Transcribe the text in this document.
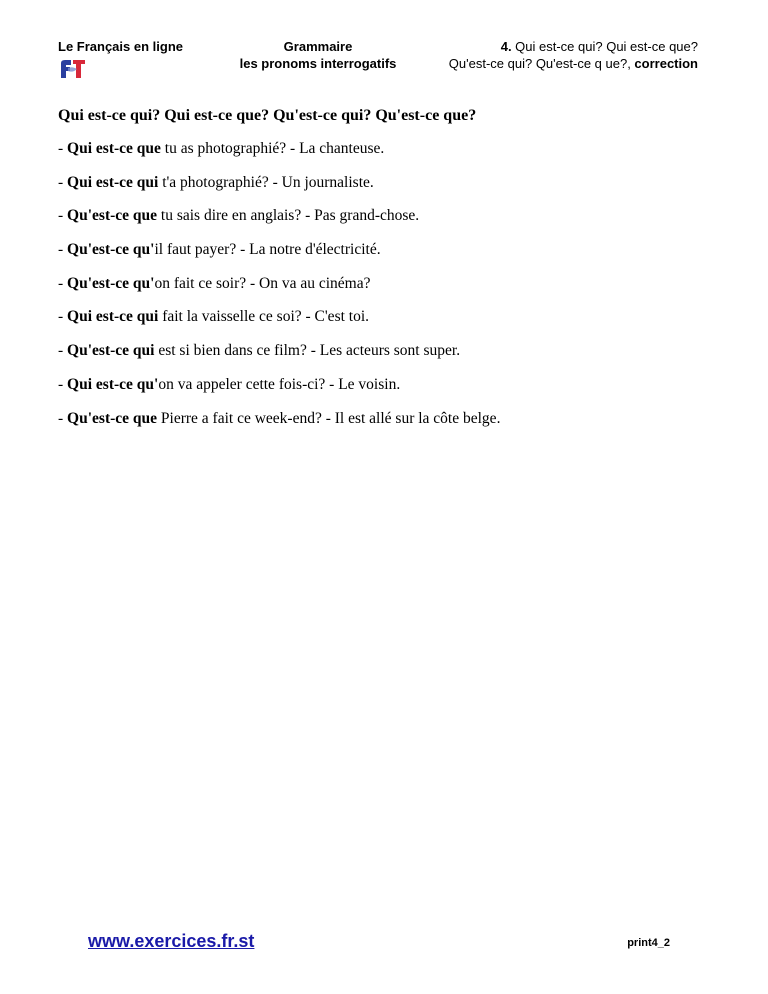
Le Français en ligne	Grammaire
les pronoms interrogatifs
4. Qui est-ce qui? Qui est-ce que?
Qu'est-ce qui? Qu'est-ce q ue?, correction
Qui est-ce qui? Qui est-ce que? Qu'est-ce qui? Qu'est-ce que?
- Qui est-ce que tu as photographié? - La chanteuse.
- Qui est-ce qui t'a photographié? - Un journaliste.
- Qu'est-ce que tu sais dire en anglais? - Pas grand-chose.
- Qu'est-ce qu'il faut payer? - La notre d'électricité.
- Qu'est-ce qu'on fait ce soir? - On va au cinéma?
- Qui est-ce qui fait la vaisselle ce soi? - C'est toi.
- Qu'est-ce qui est si bien dans ce film? - Les acteurs sont super.
- Qui est-ce qu'on va appeler cette fois-ci? - Le voisin.
- Qu'est-ce que Pierre a fait ce week-end? - Il est allé sur la côte belge.
www.exercices.fr.st	print4_2
